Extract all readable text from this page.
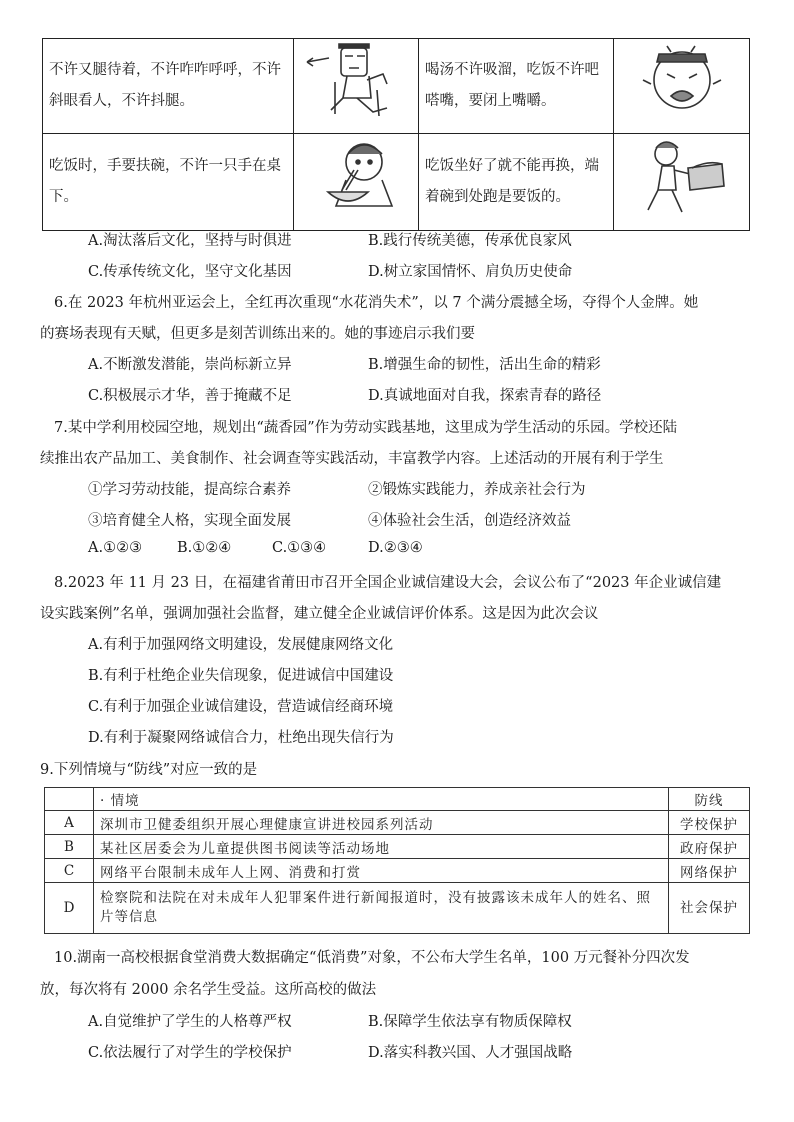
不许又腿待着，不许咋咋呼呼，不许斜眼看人，不许抖腿。		喝汤不许吸溜，吃饭不许吧嗒嘴，要闭上嘴嚼。	
吃饭时，手要扶碗，不许一只手在桌下。		吃饭坐好了就不能再换，端着碗到处跑是要饭的。	
A.淘汰落后文化，坚持与时俱进	B.践行传统美德，传承优良家风
C.传承传统文化，坚守文化基因	D.树立家国情怀、肩负历史使命
6.在 2023 年杭州亚运会上，全红再次重现“水花消失术”，以 7 个满分震撼全场，夺得个人金牌。她
的赛场表现有天赋，但更多是刻苦训练出来的。她的事迹启示我们要
A.不断激发潜能，崇尚标新立异	B.增强生命的韧性，活出生命的精彩
C.积极展示才华，善于掩藏不足	D.真诚地面对自我，探索青春的路径
7.某中学利用校园空地，规划出“蔬香园”作为劳动实践基地，这里成为学生活动的乐园。学校还陆
续推出农产品加工、美食制作、社会调查等实践活动，丰富教学内容。上述活动的开展有利于学生
①学习劳动技能，提高综合素养	②锻炼实践能力，养成亲社会行为
③培育健全人格，实现全面发展	④体验社会生活，创造经济效益
A.①②③ B.①②④	C.①③④	D.②③④
8.2023 年 11 月 23 日，在福建省莆田市召开全国企业诚信建设大会，会议公布了“2023 年企业诚信建
设实践案例”名单，强调加强社会监督，建立健全企业诚信评价体系。这是因为此次会议
A.有利于加强网络文明建设，发展健康网络文化
B.有利于杜绝企业失信现象，促进诚信中国建设
C.有利于加强企业诚信建设，营造诚信经商环境
D.有利于凝聚网络诚信合力，杜绝出现失信行为
9.下列情境与“防线”对应一致的是
	· 情境	防线
A	深圳市卫健委组织开展心理健康宣讲进校园系列活动	学校保护
B	某社区居委会为儿童提供图书阅读等活动场地	政府保护
C	网络平台限制未成年人上网、消费和打赏	网络保护
D	检察院和法院在对未成年人犯罪案件进行新闻报道时，没有披露该未成年人的姓名、照片等信息	社会保护
10.湖南一高校根据食堂消费大数据确定“低消费”对象，不公布大学生名单，100 万元餐补分四次发
放，每次将有 2000 余名学生受益。这所高校的做法
A.自觉维护了学生的人格尊严权	B.保障学生依法享有物质保障权
C.依法履行了对学生的学校保护	D.落实科教兴国、人才强国战略
